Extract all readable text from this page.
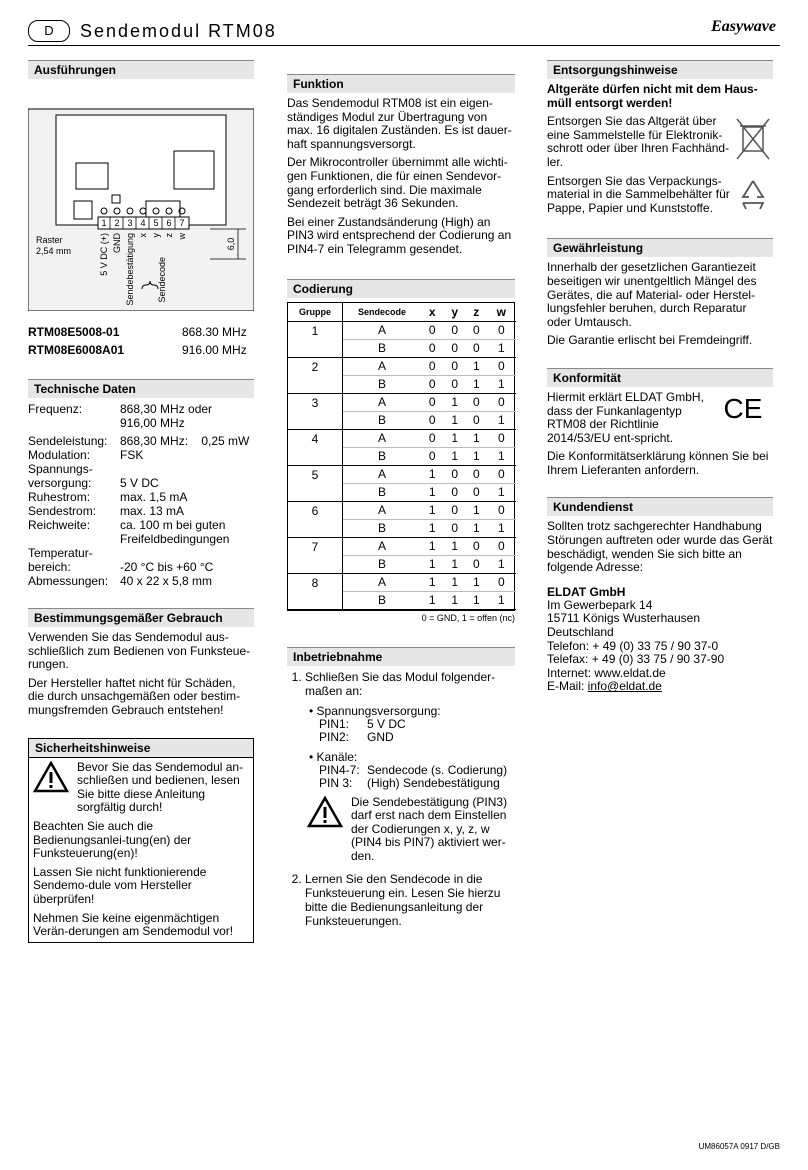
D	Sendemodul RTM08	Easywave
Ausführungen
1 2 3 4 5 6 7
Raster
2,54 mm
6,0
5 V DC (+) GND Sendebestätigung x y z w
Sendecode
RTM08E5008-01	868.30 MHz
RTM08E6008A01	916.00 MHz
Technische Daten
Frequenz:	868,30 MHz oder
916,00 MHz
Sendeleistung:	868,30 MHz:    0,25 mW
Modulation:	FSK
Spannungs-
versorgung:	5 V DC
Ruhestrom:	max. 1,5 mA
Sendestrom:	max. 13 mA
Reichweite:	ca. 100 m bei guten
Freifeldbedingungen
Temperatur-
bereich:	-20 °C bis +60 °C
Abmessungen: 40 x 22 x 5,8 mm
Bestimmungsgemäßer Gebrauch

Verwenden Sie das Sendemodul aus-schließlich zum Bedienen von Funksteue-rungen.

Der Hersteller haftet nicht für Schäden, die durch unsachgemäßen oder bestim-mungsfremden Gebrauch entstehen!

Sicherheitshinweise

Bevor Sie das Sendemodul an-schließen und bedienen, lesen Sie bitte diese Anleitung sorgfältig durch!

Beachten Sie auch die Bedienungsanlei-tung(en) der Funksteuerung(en)!

Lassen Sie nicht funktionierende Sendemo-dule vom Hersteller überprüfen!

Nehmen Sie keine eigenmächtigen Verän-derungen am Sendemodul vor!

Funktion

Das Sendemodul RTM08 ist ein eigen-ständiges Modul zur Übertragung von max. 16 digitalen Zuständen. Es ist dauer-haft spannungsversorgt.

Der Mikrocontroller übernimmt alle wichti-gen Funktionen, die für einen Sendevor-gang erforderlich sind. Die maximale Sendezeit beträgt 36 Sekunden.

Bei einer Zustandsänderung (High) an PIN3 wird entsprechend der Codierung an PIN4-7 ein Telegramm gesendet.

Codierung
Gruppe	Sendecode	x	y	z	w
1	A	0	0	0	0
	B	0	0	0	1
2	A	0	0	1	0
	B	0	0	1	1
3	A	0	1	0	0
	B	0	1	0	1
4	A	0	1	1	0
	B	0	1	1	1
5	A	1	0	0	0
	B	1	0	0	1
6	A	1	0	1	0
	B	1	0	1	1
7	A	1	1	0	0
	B	1	1	0	1
8	A	1	1	1	0
	B	1	1	1	1
0 = GND, 1 = offen (nc)
Inbetriebnahme
1. Schließen Sie das Modul folgender-maßen an:
• Spannungsversorgung:
PIN1:	5 V DC
PIN2:	GND
• Kanäle:
PIN4-7: Sendecode (s. Codierung)
PIN 3:	(High) Sendebestätigung

Die Sendebestätigung (PIN3) darf erst nach dem Einstellen der Codierungen x, y, z, w (PIN4 bis PIN7) aktiviert wer-den.

2. Lernen Sie den Sendecode in die Funksteuerung ein. Lesen Sie hierzu bitte die Bedienungsanleitung der Funksteuerungen.
Entsorgungshinweise

Altgeräte dürfen nicht mit dem Haus-müll entsorgt werden!

Entsorgen Sie das Altgerät über eine Sammelstelle für Elektronik-schrott oder über Ihren Fachhänd-ler.

Entsorgen Sie das Verpackungs-material in die Sammelbehälter für Pappe, Papier und Kunststoffe.

Gewährleistung

Innerhalb der gesetzlichen Garantiezeit beseitigen wir unentgeltlich Mängel des Gerätes, die auf Material- oder Herstel-lungsfehler beruhen, durch Reparatur oder Umtausch.

Die Garantie erlischt bei Fremdeingriff.

Konformität

Hiermit erklärt ELDAT GmbH, dass der Funkanlagentyp RTM08 der Richtlinie 2014/53/EU ent-spricht.

CE

Die Konformitätserklärung können Sie bei Ihrem Lieferanten anfordern.

Kundendienst

Sollten trotz sachgerechter Handhabung Störungen auftreten oder wurde das Gerät beschädigt, wenden Sie sich bitte an folgende Adresse:

ELDAT GmbH
Im Gewerbepark 14
15711 Königs Wusterhausen
Deutschland
Telefon: + 49 (0) 33 75 / 90 37-0
Telefax: + 49 (0) 33 75 / 90 37-90
Internet: www.eldat.de
E-Mail: info@eldat.de
UM86057A 0917 D/GB
